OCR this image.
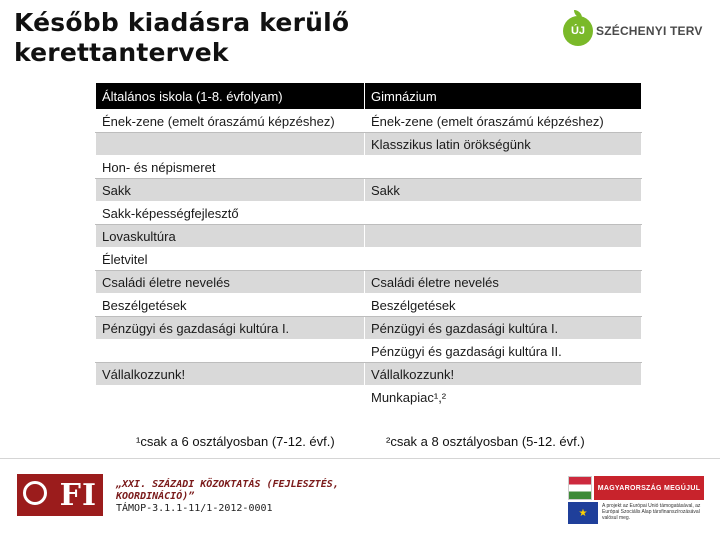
Később kiadásra kerülő kerettantervek
ÚJ SZÉCHENYI TERV
Általános iskola (1-8. évfolyam)	Gimnázium
Ének-zene (emelt óraszámú képzéshez)	Ének-zene (emelt óraszámú képzéshez)
	Klasszikus latin örökségünk
Hon- és népismeret	
Sakk	Sakk
Sakk-képességfejlesztő	
Lovaskultúra	
Életvitel	
Családi életre nevelés	Családi életre nevelés
Beszélgetések	Beszélgetések
Pénzügyi és gazdasági kultúra I.	Pénzügyi és gazdasági kultúra I.
	Pénzügyi és gazdasági kultúra II.
Vállalkozzunk!	Vállalkozzunk!
	Munkapiac¹,²
¹csak a 6 osztályosban (7-12. évf.)	²csak a 8 osztályosban (5-12. évf.)
FI „XXI. SZÁZADI KÖZOKTATÁS (FEJLESZTÉS,
KOORDINÁCIÓ)”
TÁMOP-3.1.1-11/1-2012-0001
MAGYARORSZÁG MEGÚJUL
★
A projekt az Európai Unió támogatásával, az Európai Szociális Alap társfinanszírozásával valósul meg.
